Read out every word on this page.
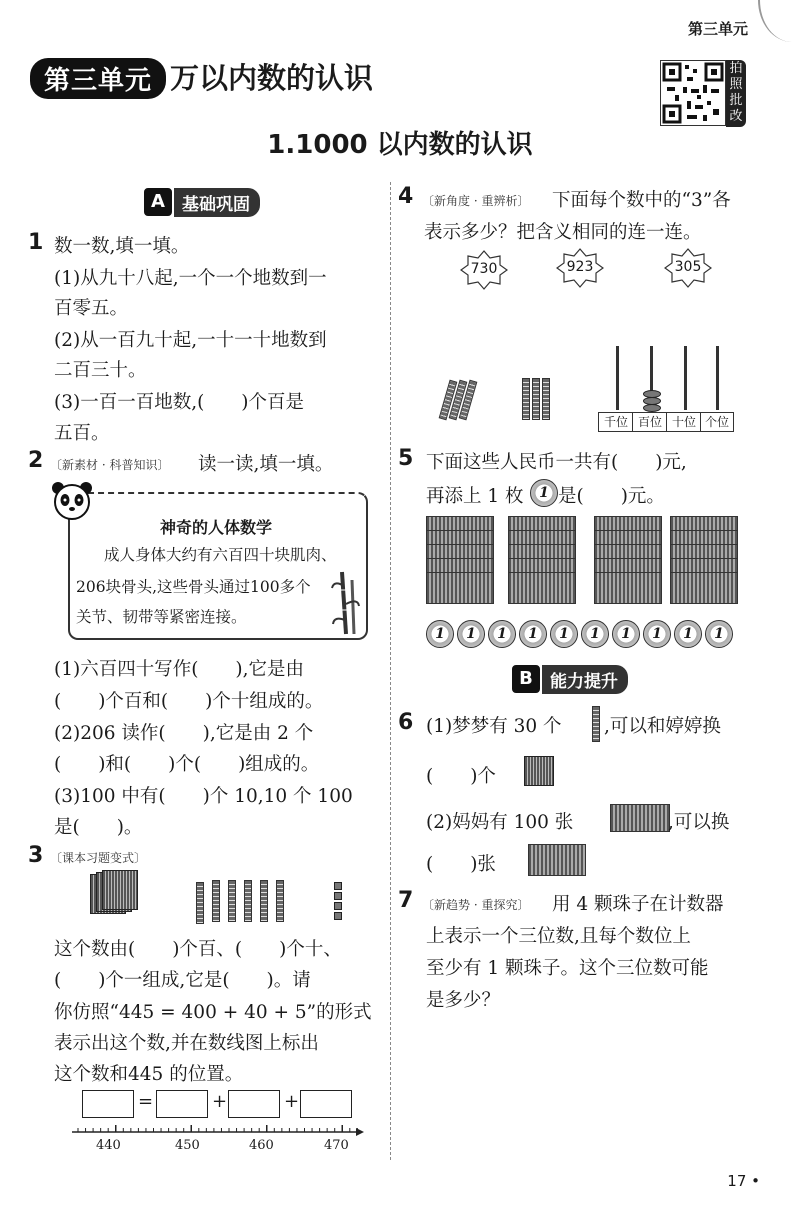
第三单元
第三单元 万以内数的认识	拍照批改
1.1000 以内数的认识
A	基础巩固
1 数一数,填一填。
(1)从九十八起,一个一个地数到一
百零五。
(2)从一百九十起,一十一十地数到
二百三十。
(3)一百一百地数,(　　)个百是
五百。
2 〔新素材 · 科普知识〕 读一读,填一填。
神奇的人体数学
成人身体大约有六百四十块肌肉、
206块骨头,这些骨头通过100多个
关节、韧带等紧密连接。
(1)六百四十写作(　　),它是由
(　　)个百和(　　)个十组成的。
(2)206 读作(　　),它是由 2 个
(　　)和(　　)个(　　)组成的。
(3)100 中有(　　)个 10,10 个 100
是(　　)。
3 〔课本习题变式〕
这个数由(　　)个百、(　　)个十、
(　　)个一组成,它是(　　)。请
你仿照“445 = 400 + 40 + 5”的形式
表示出这个数,并在数线图上标出
这个数和445 的位置。
=	+	+
440	450	460	470
4 〔新角度 · 重辨析〕 下面每个数中的“3”各
表示多少？把含义相同的连一连。
730	923	305
千位 百位 十位 个位
5 下面这些人民币一共有(　　)元,
再添上 1 枚	1 是(　　)元。
1	1	1	1	1	1	1	1	1	1
B	能力提升
6 (1)梦梦有 30 个 ,可以和婷婷换
(　　)个
(2)妈妈有 100 张	,可以换
(　　)张
7 〔新趋势 · 重探究〕 用 4 颗珠子在计数器
上表示一个三位数,且每个数位上
至少有 1 颗珠子。这个三位数可能
是多少？
17 •
